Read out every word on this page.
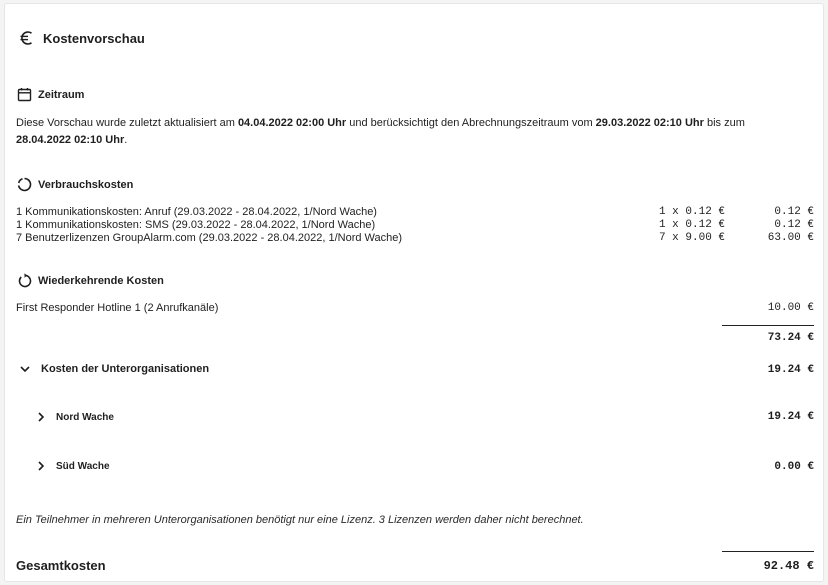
Kostenvorschau
Zeitraum
Diese Vorschau wurde zuletzt aktualisiert am 04.04.2022 02:00 Uhr und berücksichtigt den Abrechnungszeitraum vom 29.03.2022 02:10 Uhr bis zum
28.04.2022 02:10 Uhr.
Verbrauchskosten
1 Kommunikationskosten: Anruf (29.03.2022 - 28.04.2022, 1/Nord Wache)	1 x 0.12 €	0.12 €
1 Kommunikationskosten: SMS (29.03.2022 - 28.04.2022, 1/Nord Wache)	1 x 0.12 €	0.12 €
7 Benutzerlizenzen GroupAlarm.com (29.03.2022 - 28.04.2022, 1/Nord Wache)	7 x 9.00 €	63.00 €
Wiederkehrende Kosten
First Responder Hotline 1 (2 Anrufkanäle)	10.00 €
73.24 €
Kosten der Unterorganisationen	19.24 €
Nord Wache	19.24 €
Süd Wache	0.00 €
Ein Teilnehmer in mehreren Unterorganisationen benötigt nur eine Lizenz. 3 Lizenzen werden daher nicht berechnet.
Gesamtkosten	92.48 €
